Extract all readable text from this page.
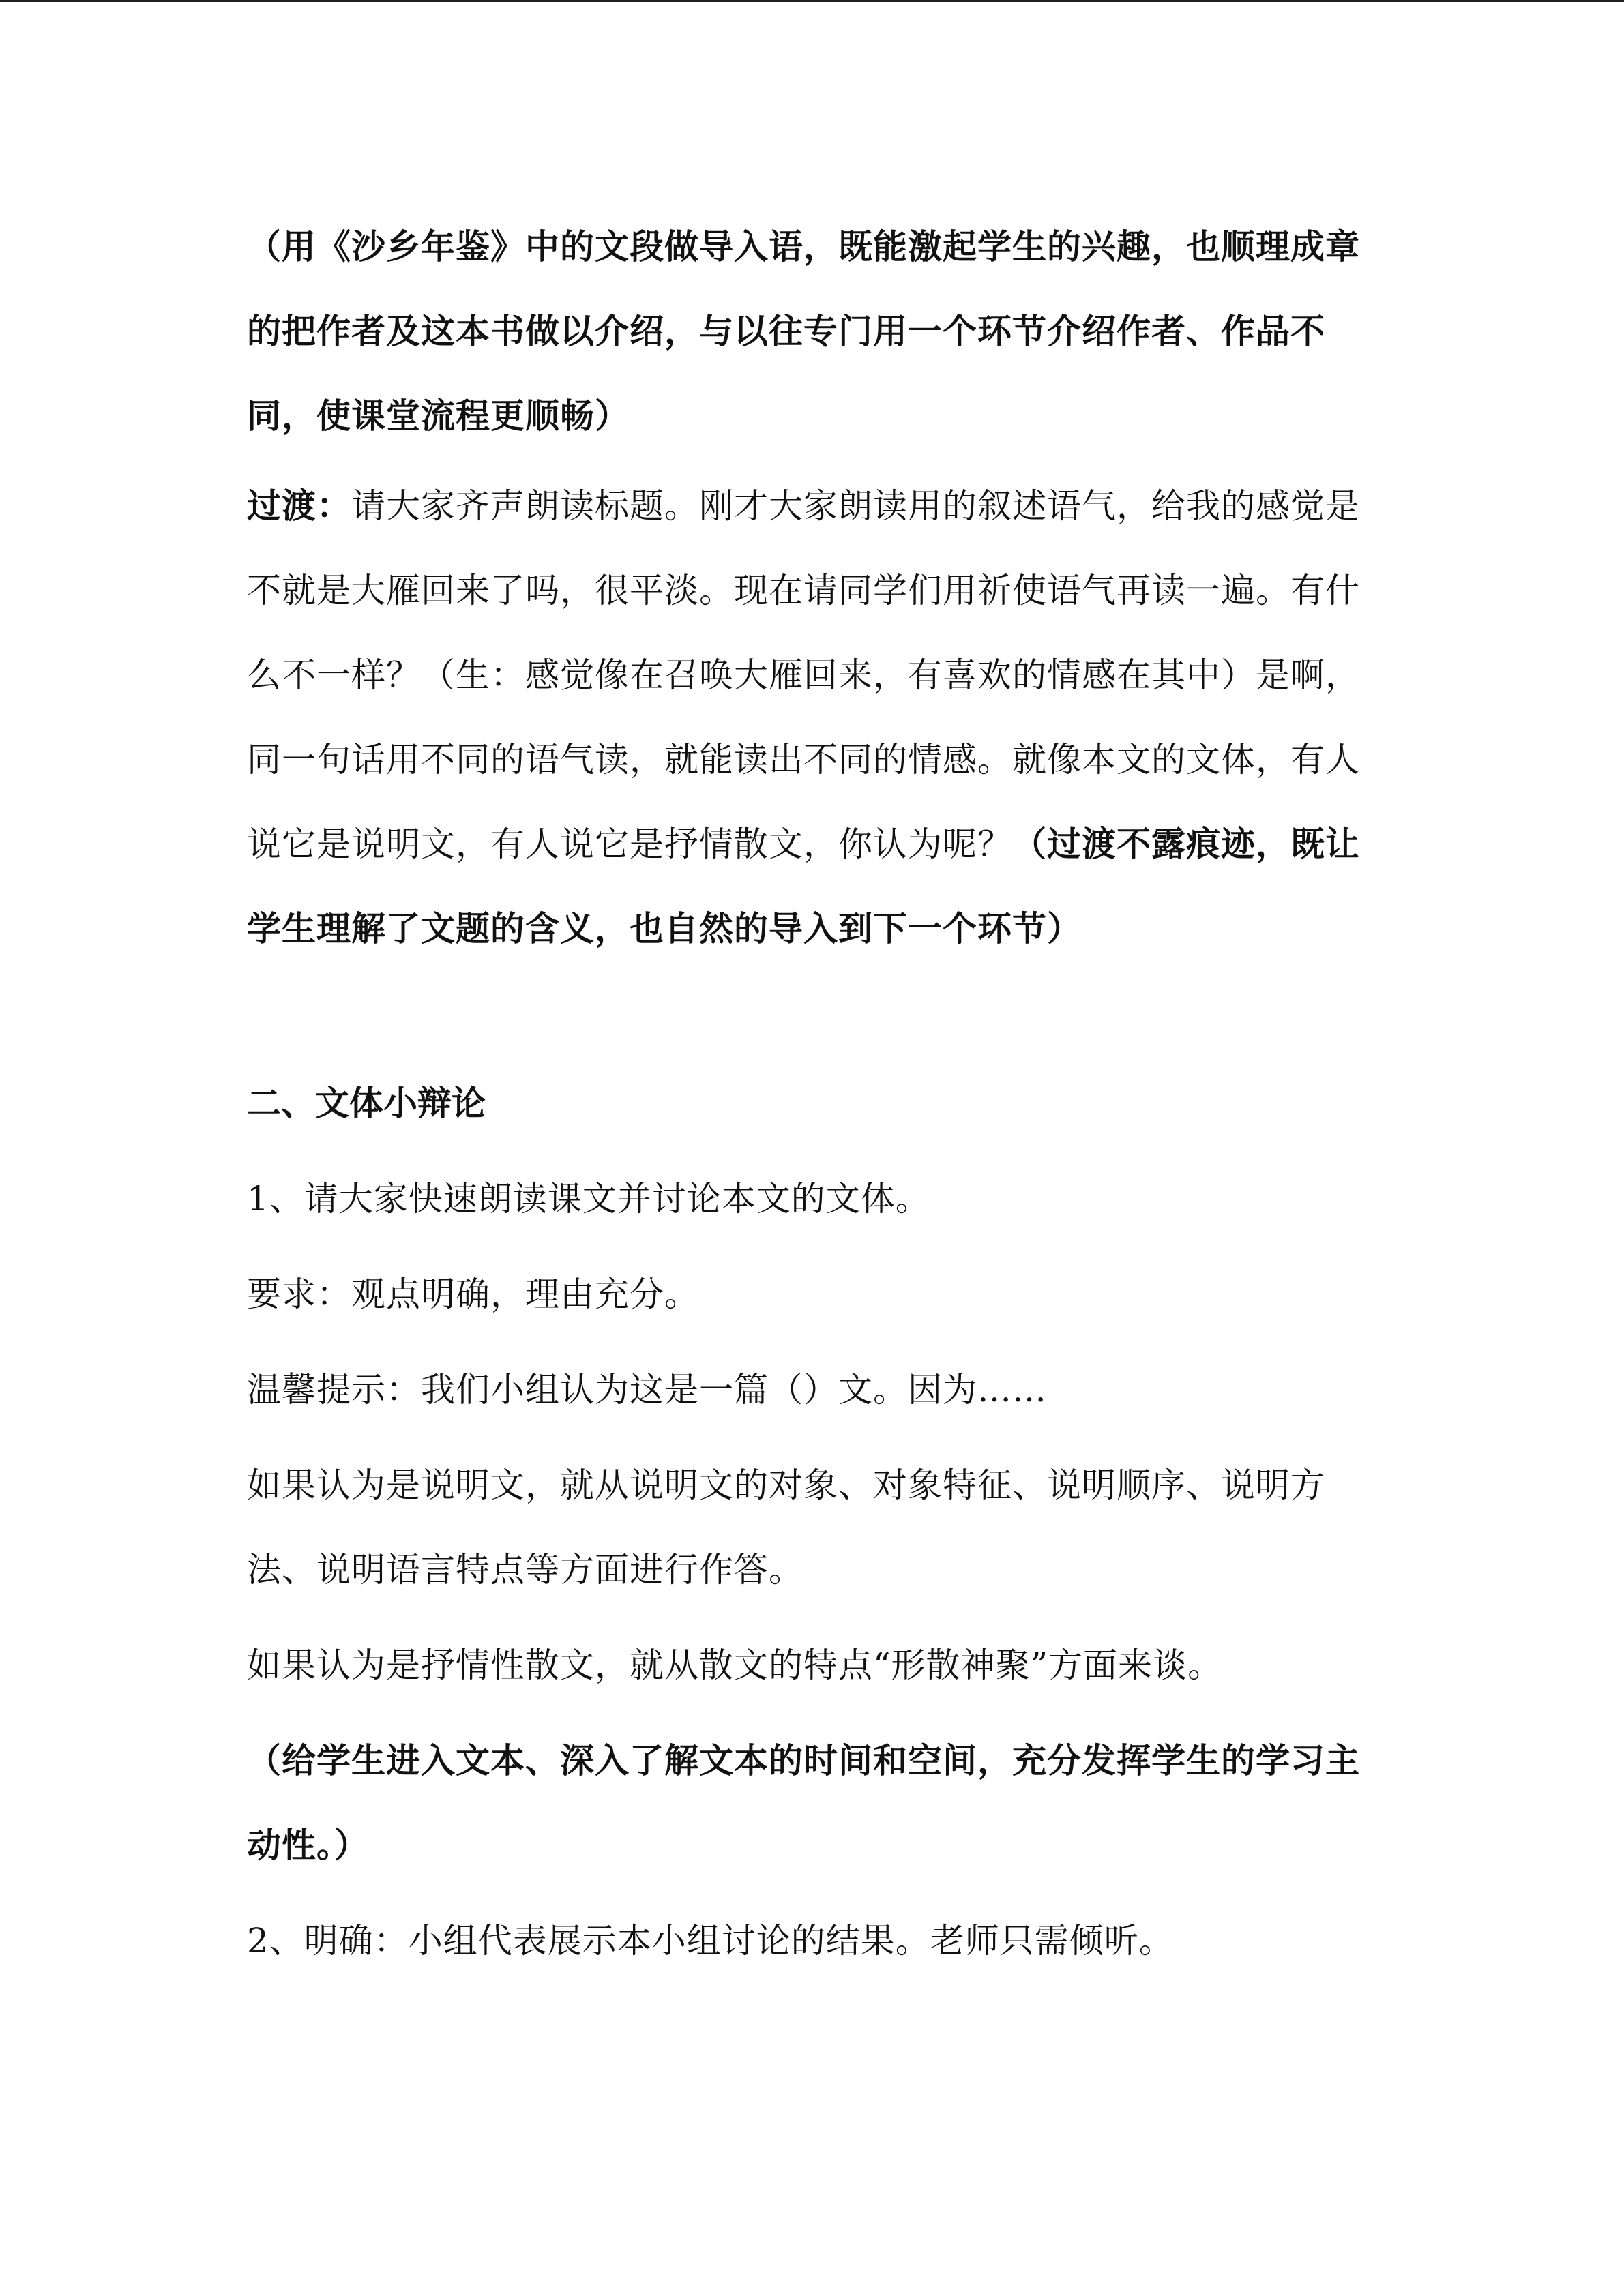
（用《沙乡年鉴》中的文段做导入语，既能激起学生的兴趣，也顺理成章的把作者及这本书做以介绍，与以往专门用一个环节介绍作者、作品不同，使课堂流程更顺畅）

过渡：请大家齐声朗读标题。刚才大家朗读用的叙述语气，给我的感觉是不就是大雁回来了吗，很平淡。现在请同学们用祈使语气再读一遍。有什么不一样？（生：感觉像在召唤大雁回来，有喜欢的情感在其中）是啊，同一句话用不同的语气读，就能读出不同的情感。就像本文的文体，有人说它是说明文，有人说它是抒情散文，你认为呢？（过渡不露痕迹，既让学生理解了文题的含义，也自然的导入到下一个环节）

二、文体小辩论

1、请大家快速朗读课文并讨论本文的文体。

要求：观点明确，理由充分。

温馨提示：我们小组认为这是一篇（）文。因为……

如果认为是说明文，就从说明文的对象、对象特征、说明顺序、说明方法、说明语言特点等方面进行作答。

如果认为是抒情性散文，就从散文的特点“形散神聚”方面来谈。

（给学生进入文本、深入了解文本的时间和空间，充分发挥学生的学习主动性。）

2、明确：小组代表展示本小组讨论的结果。老师只需倾听。
